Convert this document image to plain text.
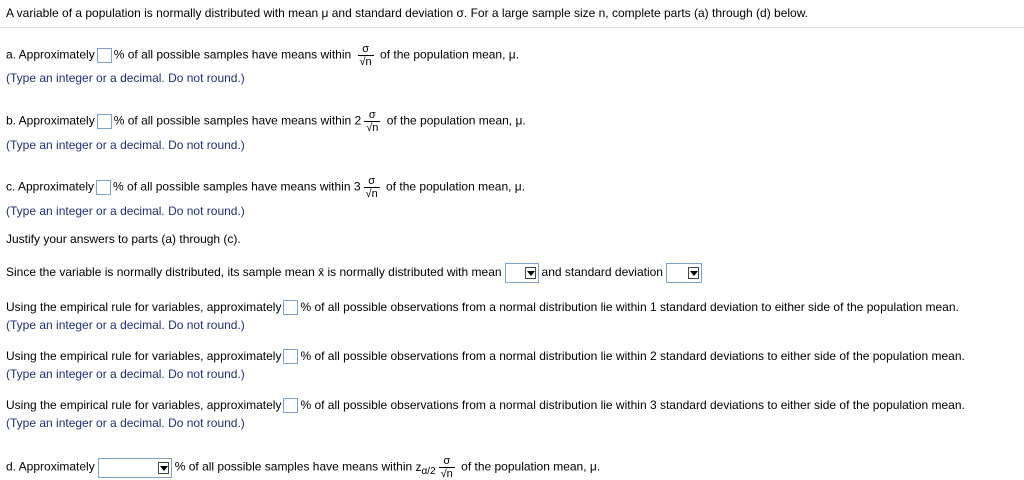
A variable of a population is normally distributed with mean μ and standard deviation σ. For a large sample size n, complete parts (a) through (d) below.
a. Approximately % of all possible samples have means within $\frac{\sigma}{√n}$ of the population mean, μ.
(Type an integer or a decimal. Do not round.)
b. Approximately % of all possible samples have means within $2 \frac{\sigma}{√n}$ of the population mean, μ.
(Type an integer or a decimal. Do not round.)
c. Approximately % of all possible samples have means within $3 \frac{\sigma}{√n}$ of the population mean, μ.
(Type an integer or a decimal. Do not round.)
Justify your answers to parts (a) through (c).
Since the variable is normally distributed, its sample mean x̄ is normally distributed with mean	and standard deviation
Using the empirical rule for variables, approximately % of all possible observations from a normal distribution lie within 1 standard deviation to either side of the population mean.
(Type an integer or a decimal. Do not round.)
Using the empirical rule for variables, approximately % of all possible observations from a normal distribution lie within 2 standard deviations to either side of the population mean.
(Type an integer or a decimal. Do not round.)
Using the empirical rule for variables, approximately % of all possible observations from a normal distribution lie within 3 standard deviations to either side of the population mean.
(Type an integer or a decimal. Do not round.)
d. Approximately	% of all possible samples have means within $z_{\alpha/2} \frac{\sigma}{√n}$ of the population mean, μ.
